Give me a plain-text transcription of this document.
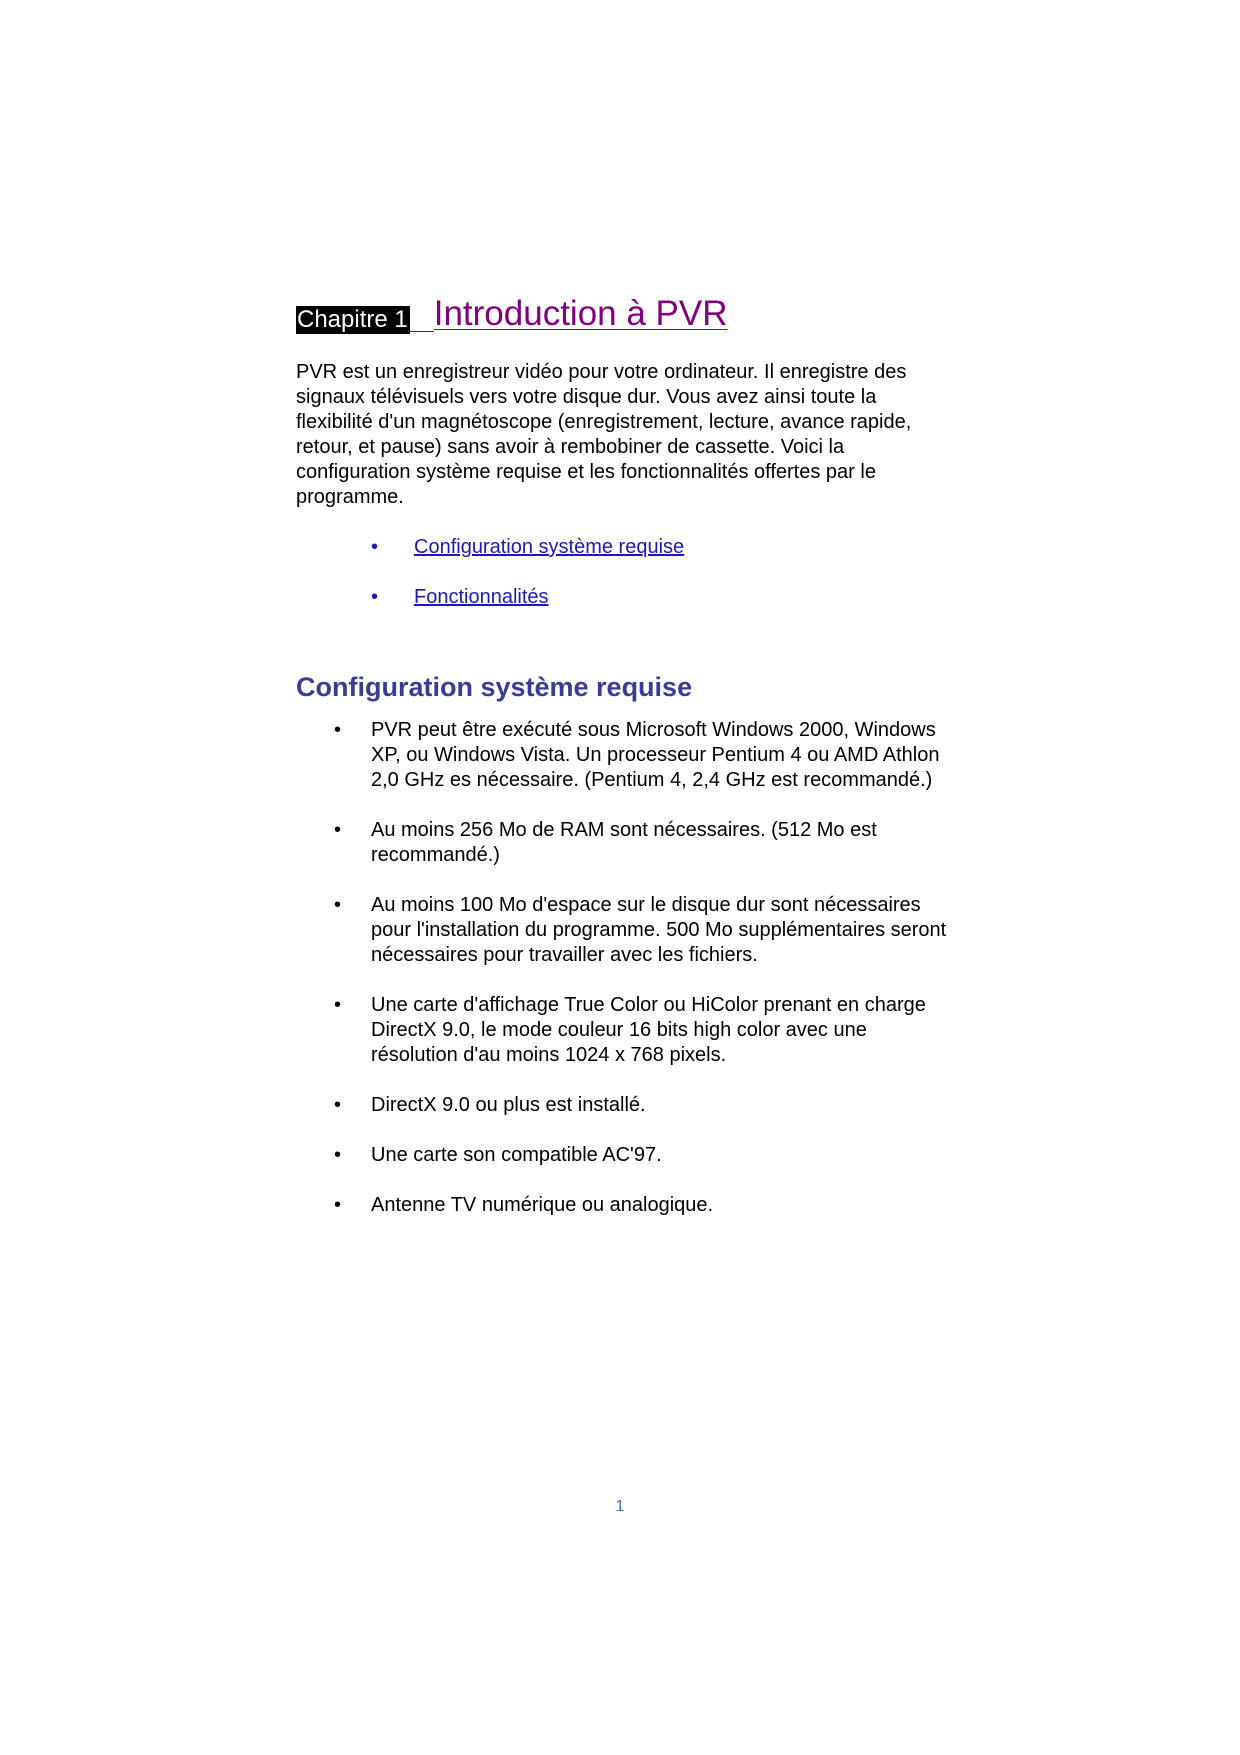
Chapitre 1 Introduction à PVR

PVR est un enregistreur vidéo pour votre ordinateur. Il enregistre des signaux télévisuels vers votre disque dur. Vous avez ainsi toute la flexibilité d'un magnétoscope (enregistrement, lecture, avance rapide, retour, et pause) sans avoir à rembobiner de cassette. Voici la configuration système requise et les fonctionnalités offertes par le programme.

• Configuration système requise
• Fonctionnalités
Configuration système requise
• PVR peut être exécuté sous Microsoft Windows 2000, Windows XP, ou Windows Vista. Un processeur Pentium 4 ou AMD Athlon 2,0 GHz es nécessaire. (Pentium 4, 2,4 GHz est recommandé.)
• Au moins 256 Mo de RAM sont nécessaires. (512 Mo est recommandé.)
• Au moins 100 Mo d'espace sur le disque dur sont nécessaires pour l'installation du programme. 500 Mo supplémentaires seront nécessaires pour travailler avec les fichiers.
• Une carte d'affichage True Color ou HiColor prenant en charge DirectX 9.0, le mode couleur 16 bits high color avec une résolution d'au moins 1024 x 768 pixels.
• DirectX 9.0 ou plus est installé.
• Une carte son compatible AC'97.
• Antenne TV numérique ou analogique.
1
